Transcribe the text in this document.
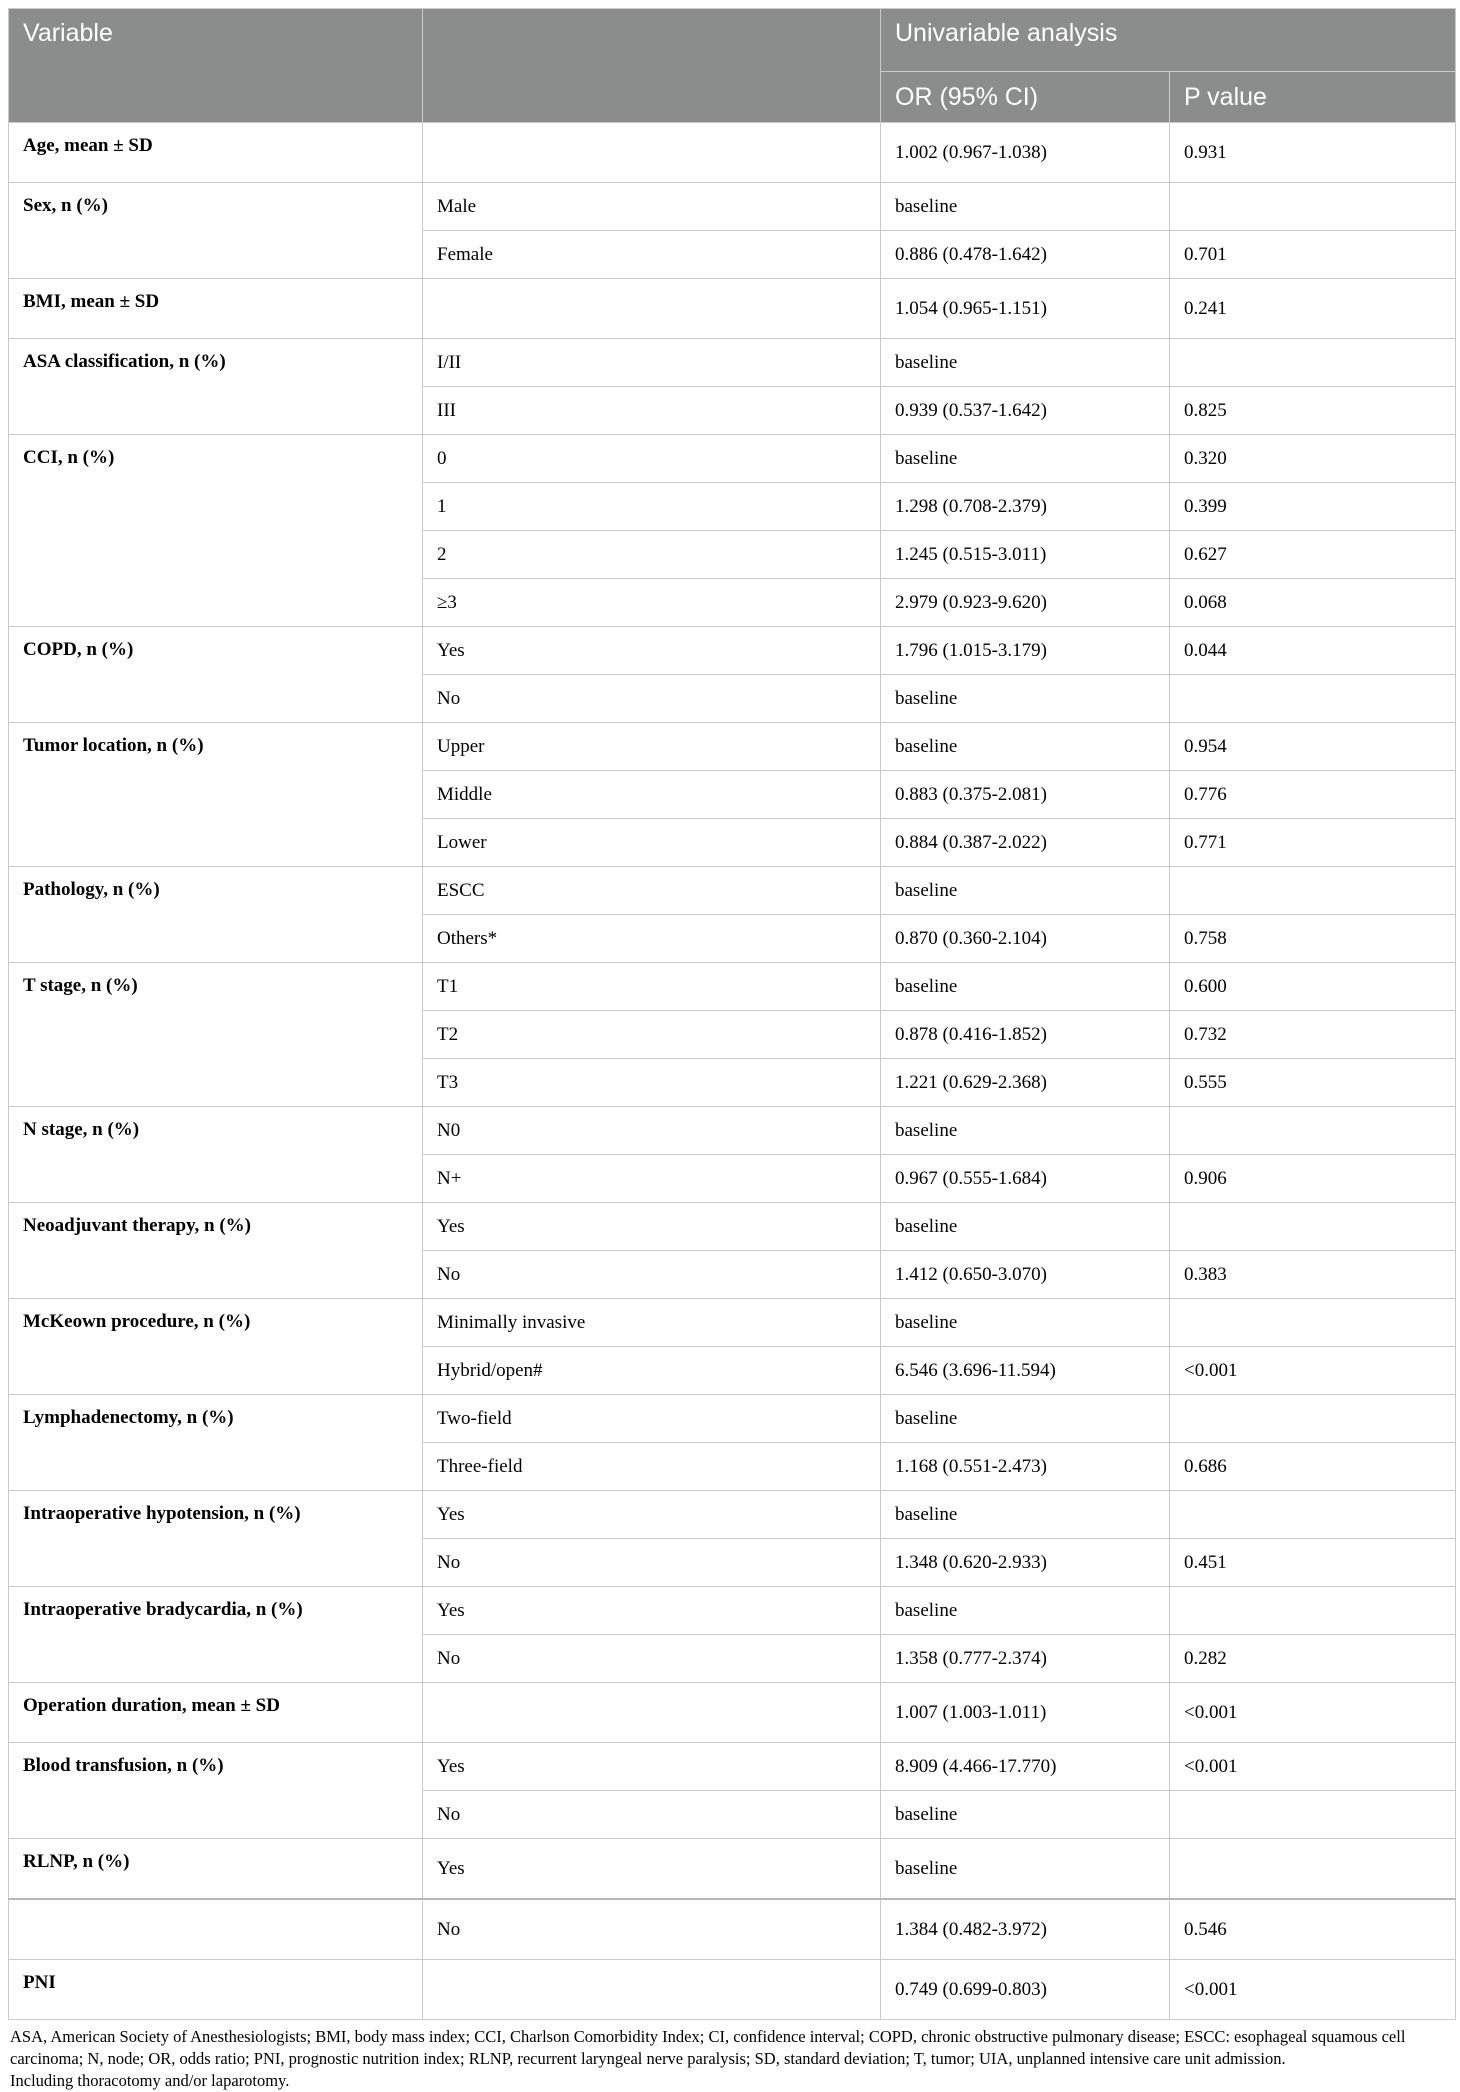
Variable		Univariable analysis	
		OR (95% CI)	P value
Age, mean ± SD		1.002 (0.967-1.038)	0.931
Sex, n (%)	Male	baseline	
	Female	0.886 (0.478-1.642)	0.701
BMI, mean ± SD		1.054 (0.965-1.151)	0.241
ASA classification, n (%)	I/II	baseline	
	III	0.939 (0.537-1.642)	0.825
CCI, n (%)	0	baseline	0.320
	1	1.298 (0.708-2.379)	0.399
	2	1.245 (0.515-3.011)	0.627
	≥3	2.979 (0.923-9.620)	0.068
COPD, n (%)	Yes	1.796 (1.015-3.179)	0.044
	No	baseline	
Tumor location, n (%)	Upper	baseline	0.954
	Middle	0.883 (0.375-2.081)	0.776
	Lower	0.884 (0.387-2.022)	0.771
Pathology, n (%)	ESCC	baseline	
	Others*	0.870 (0.360-2.104)	0.758
T stage, n (%)	T1	baseline	0.600
	T2	0.878 (0.416-1.852)	0.732
	T3	1.221 (0.629-2.368)	0.555
N stage, n (%)	N0	baseline	
	N+	0.967 (0.555-1.684)	0.906
Neoadjuvant therapy, n (%)	Yes	baseline	
	No	1.412 (0.650-3.070)	0.383
McKeown procedure, n (%)	Minimally invasive	baseline	
	Hybrid/open#	6.546 (3.696-11.594)	<0.001
Lymphadenectomy, n (%)	Two-field	baseline	
	Three-field	1.168 (0.551-2.473)	0.686
Intraoperative hypotension, n (%)	Yes	baseline	
	No	1.348 (0.620-2.933)	0.451
Intraoperative bradycardia, n (%)	Yes	baseline	
	No	1.358 (0.777-2.374)	0.282
Operation duration, mean ± SD		1.007 (1.003-1.011)	<0.001
Blood transfusion, n (%)	Yes	8.909 (4.466-17.770)	<0.001
	No	baseline	
RLNP, n (%)	Yes	baseline	
	No	1.384 (0.482-3.972)	0.546
PNI		0.749 (0.699-0.803)	<0.001

ASA, American Society of Anesthesiologists; BMI, body mass index; CCI, Charlson Comorbidity Index; CI, confidence interval; COPD, chronic obstructive pulmonary disease; ESCC: esophageal squamous cell carcinoma; N, node; OR, odds ratio; PNI, prognostic nutrition index; RLNP, recurrent laryngeal nerve paralysis; SD, standard deviation; T, tumor; UIA, unplanned intensive care unit admission.

Including thoracotomy and/or laparotomy.
